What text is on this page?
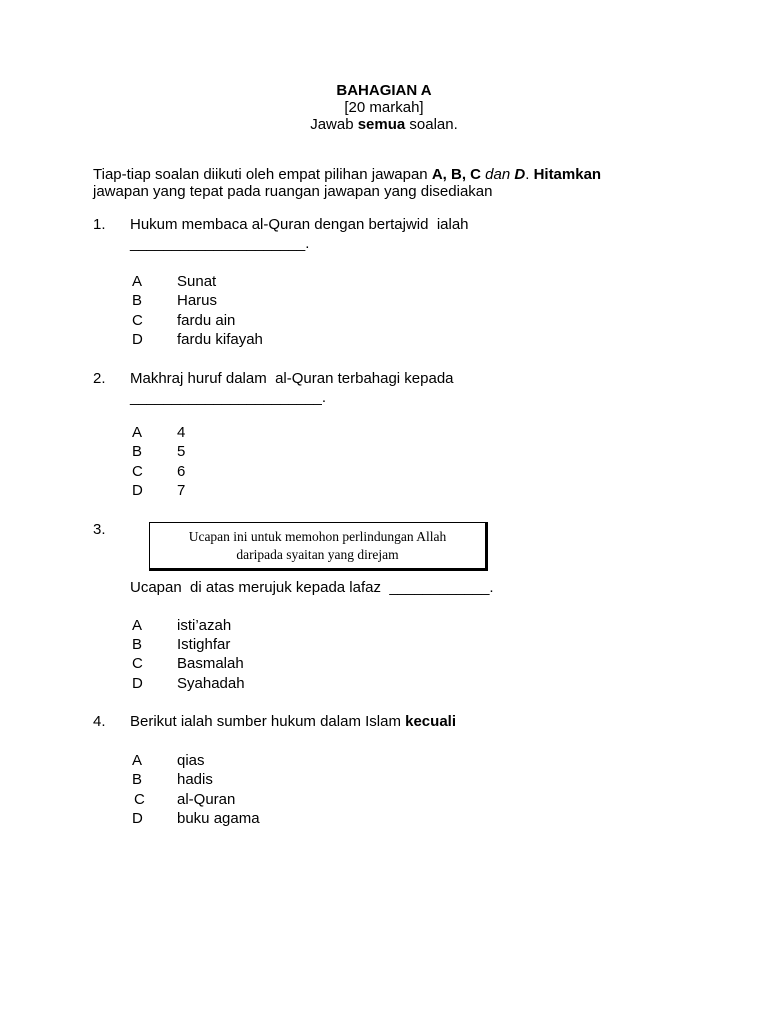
BAHAGIAN A
[20 markah]
Jawab semua soalan.
Tiap-tiap soalan diikuti oleh empat pilihan jawapan A, B, C dan D. Hitamkan
jawapan yang tepat pada ruangan jawapan yang disediakan
1. Hukum membaca al-Quran dengan bertajwid  ialah
_____________________.
A Sunat
B Harus
C fardu ain
D fardu kifayah
2. Makhraj huruf dalam  al-Quran terbahagi kepada
_______________________.
A 4
B 5
C 6
D 7
3.	Ucapan ini untuk memohon perlindungan Allah
daripada syaitan yang direjam
Ucapan  di atas merujuk kepada lafaz  ____________.
A isti’azah
B Istighfar
C Basmalah
D Syahadah
4. Berikut ialah sumber hukum dalam Islam kecuali
A qias
B hadis
C al-Quran
D buku agama
